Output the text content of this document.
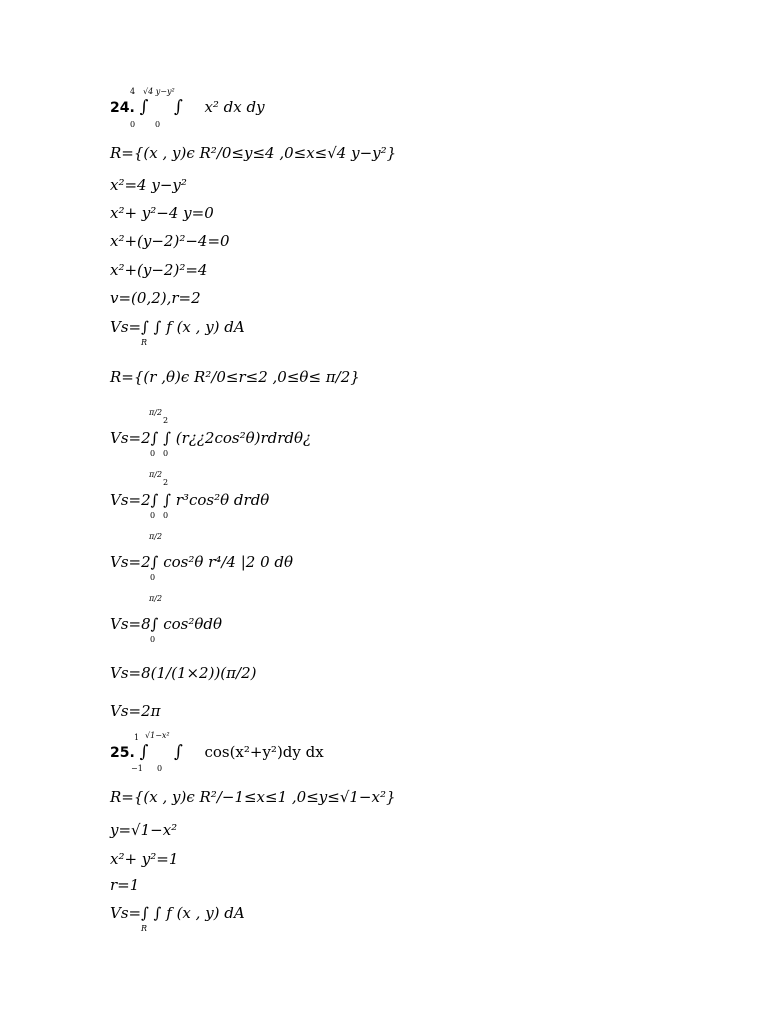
24. ∫ ∫ x² dx dy
4
0
√4 y−y²
0
R={(x , y)ϵ R²/0≤y≤4 ,0≤x≤√4 y−y²}
x²=4 y−y²
x²+ y²−4 y=0
x²+(y−2)²−4=0
x²+(y−2)²=4
v=(0,2),r=2
Vs=∫ ∫ f (x , y) dA
R
R={(r ,θ)ϵ R²/0≤r≤2 ,0≤θ≤ π/2}
Vs=2∫ ∫ (r¿¿2cos²θ)rdrdθ¿
π/2
2
0 0
Vs=2∫ ∫ r³cos²θ drdθ
π/2
2
0 0
Vs=2∫ cos²θ r⁴/4 |2 0 dθ
π/2
0
Vs=8∫ cos²θdθ
π/2
0
Vs=8(1/(1×2))(π/2)
Vs=2π
25. ∫ ∫ cos(x²+y²)dy dx
1
−1
√1−x²
0
R={(x , y)ϵ R²/−1≤x≤1 ,0≤y≤√1−x²}
y=√1−x²
x²+ y²=1
r=1
Vs=∫ ∫ f (x , y) dA
R
